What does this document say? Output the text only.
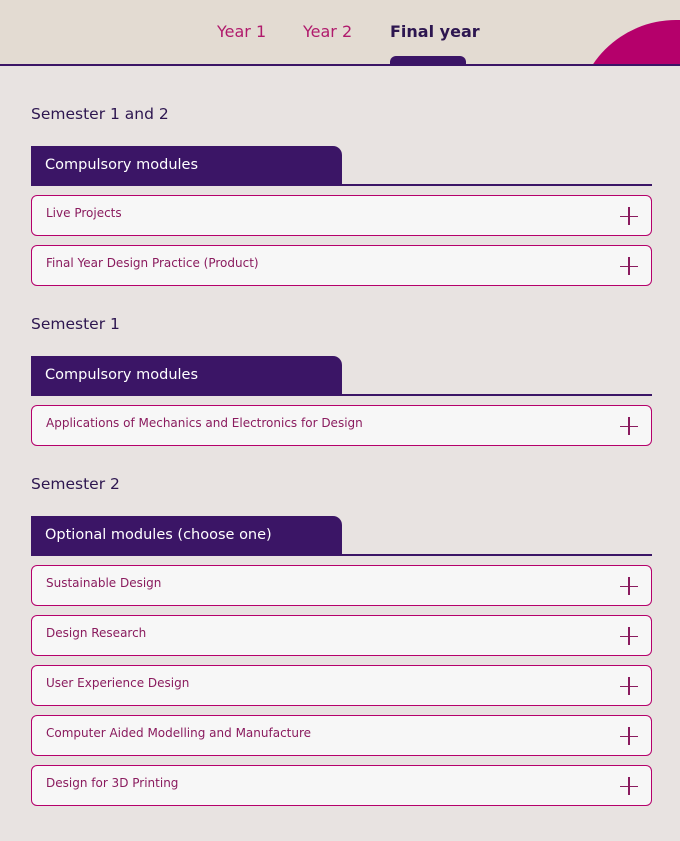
Year 1 Year 2 Final year
Semester 1 and 2
Compulsory modules
Live Projects
Final Year Design Practice (Product)
Semester 1
Compulsory modules
Applications of Mechanics and Electronics for Design
Semester 2
Optional modules (choose one)
Sustainable Design
Design Research
User Experience Design
Computer Aided Modelling and Manufacture
Design for 3D Printing
